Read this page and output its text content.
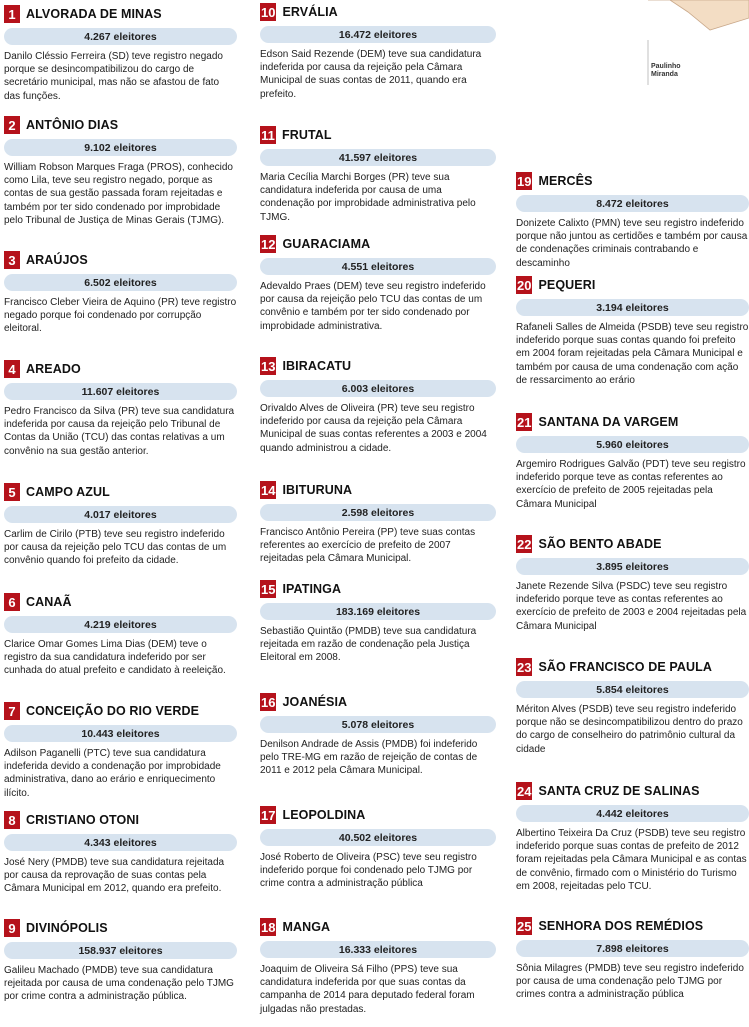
Paulinho Miranda
1 ALVORADA DE MINAS
4.267 eleitores
Danilo Cléssio Ferreira (SD) teve registro negado porque se desincompatibilizou do cargo de secretário municipal, mas não se afastou de fato das funções.
2 ANTÔNIO DIAS
9.102 eleitores
William Robson Marques Fraga (PROS), conhecido como Lila, teve seu registro negado, porque as contas de sua gestão passada foram rejeitadas e também por ter sido condenado por improbidade pelo Tribunal de Justiça de Minas Gerais (TJMG).
3 ARAÚJOS
6.502 eleitores
Francisco Cleber Vieira de Aquino (PR) teve registro negado porque foi condenado por corrupção eleitoral.
4 AREADO
11.607 eleitores
Pedro Francisco da Silva (PR) teve sua candidatura indeferida por causa da rejeição pelo Tribunal de Contas da União (TCU) das contas relativas a um convênio na sua gestão anterior.
5 CAMPO AZUL
4.017 eleitores
Carlim de Cirilo (PTB) teve seu registro indeferido por causa da rejeição pelo TCU das contas de um convênio quando foi prefeito da cidade.
6 CANAÃ
4.219 eleitores
Clarice Omar Gomes Lima Dias (DEM) teve o registro da sua candidatura indeferido por ser cunhada do atual prefeito e candidato à reeleição.
7 CONCEIÇÃO DO RIO VERDE
10.443 eleitores
Adilson Paganelli (PTC) teve sua candidatura indeferida devido a condenação por improbidade administrativa, dano ao erário e enriquecimento ilícito.
8 CRISTIANO OTONI
4.343 eleitores
José Nery (PMDB) teve sua candidatura rejeitada por causa da reprovação de suas contas pela Câmara Municipal em 2012, quando era prefeito.
9 DIVINÓPOLIS
158.937 eleitores
Galileu Machado (PMDB) teve sua candidatura rejeitada por causa de uma condenação pelo TJMG por crime contra a administração pública.
10 ERVÁLIA
16.472 eleitores
Edson Said Rezende (DEM) teve sua candidatura indeferida por causa da rejeição pela Câmara Municipal de suas contas de 2011, quando era prefeito.
11 FRUTAL
41.597 eleitores
Maria Cecília Marchi Borges (PR) teve sua candidatura indeferida por causa de uma condenação por improbidade administrativa pelo TJMG.
12 GUARACIAMA
4.551 eleitores
Adevaldo Praes (DEM) teve seu registro indeferido por causa da rejeição pelo TCU das contas de um convênio e também por ter sido condenado por improbidade administrativa.
13 IBIRACATU
6.003 eleitores
Orivaldo Alves de Oliveira (PR) teve seu registro indeferido por causa da rejeição pela Câmara Municipal de suas contas referentes a 2003 e 2004 quando administrou a cidade.
14 IBITURUNA
2.598 eleitores
Francisco Antônio Pereira (PP) teve suas contas referentes ao exercício de prefeito de 2007 rejeitadas pela Câmara Municipal.
15 IPATINGA
183.169 eleitores
Sebastião Quintão (PMDB) teve sua candidatura rejeitada em razão de condenação pela Justiça Eleitoral em 2008.
16 JOANÉSIA
5.078 eleitores
Denilson Andrade de Assis (PMDB) foi indeferido pelo TRE-MG em razão de rejeição de contas de 2011 e 2012 pela Câmara Municipal.
17 LEOPOLDINA
40.502 eleitores
José Roberto de Oliveira (PSC) teve seu registro indeferido porque foi condenado pelo TJMG por crime contra a administração pública
18 MANGA
16.333 eleitores
Joaquim de Oliveira Sá Filho (PPS) teve sua candidatura indeferida por que suas contas da campanha de 2014 para deputado federal foram julgadas não prestadas.
19 MERCÊS
8.472 eleitores
Donizete Calixto (PMN) teve seu registro indeferido porque não juntou as certidões e também por causa de condenações criminais contrabando e descaminho
20 PEQUERI
3.194 eleitores
Rafaneli Salles de Almeida (PSDB) teve seu registro indeferido porque suas contas quando foi prefeito em 2004 foram rejeitadas pela Câmara Municipal e também por causa de uma condenação com ação de ressarcimento ao erário
21 SANTANA DA VARGEM
5.960 eleitores
Argemiro Rodrigues Galvão (PDT) teve seu registro indeferido porque teve as contas referentes ao exercício de prefeito de 2005 rejeitadas pela Câmara Municipal
22 SÃO BENTO ABADE
3.895 eleitores
Janete Rezende Silva (PSDC) teve seu registro indeferido porque teve as contas referentes ao exercício de prefeito de 2003 e 2004 rejeitadas pela Câmara Municipal
23 SÃO FRANCISCO DE PAULA
5.854 eleitores
Mériton Alves (PSDB) teve seu registro indeferido porque não se desincompatibilizou dentro do prazo do cargo de conselheiro do patrimônio cultural da cidade
24 SANTA CRUZ DE SALINAS
4.442 eleitores
Albertino Teixeira Da Cruz (PSDB) teve seu registro indeferido porque suas contas de prefeito de 2012 foram rejeitadas pela Câmara Municipal e as contas de convênio, firmado com o Ministério do Turismo em 2008, rejeitadas pelo TCU.
25 SENHORA DOS REMÉDIOS
7.898 eleitores
Sônia Milagres (PMDB) teve seu registro indeferido por causa de uma condenação pelo TJMG por crimes contra a administração pública
